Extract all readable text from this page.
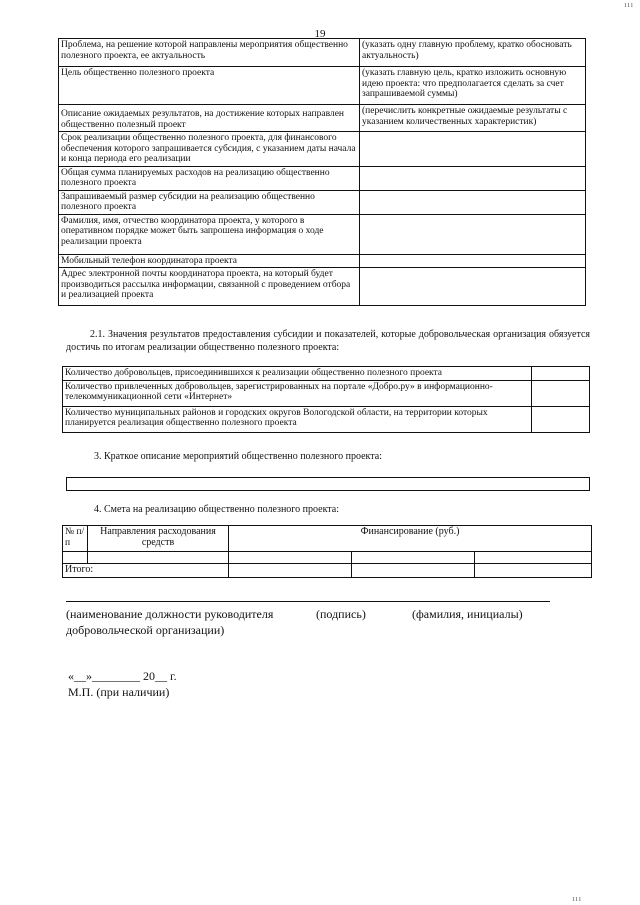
ııı
19
Проблема, на решение которой направлены мероприятия общественно полезного проекта, ее актуальность	(указать одну главную проблему, кратко обосновать актуальность)
Цель общественно полезного проекта	(указать главную цель, кратко изложить основную идею проекта: что предполагается сделать за счет запрашиваемой суммы)
Описание ожидаемых результатов, на достижение которых направлен общественно полезный проект	(перечислить конкретные ожидаемые результаты с указанием количественных характеристик)
Срок реализации общественно полезного проекта, для финансового обеспечения которого запрашивается субсидия, с указанием даты начала и конца периода его реализации	
Общая сумма планируемых расходов на реализацию общественно полезного проекта	
Запрашиваемый размер субсидии на реализацию общественно полезного проекта	
Фамилия, имя, отчество координатора проекта, у которого в оперативном порядке может быть запрошена информация о ходе реализации проекта	
Мобильный телефон координатора проекта	
Адрес электронной почты координатора проекта, на который будет производиться рассылка информации, связанной с проведением отбора и реализацией проекта	
2.1. Значения результатов предоставления субсидии и показателей, которые добровольческая организация обязуется достичь по итогам реализации общественно полезного проекта:
Количество добровольцев, присоединившихся к реализации общественно полезного проекта	
Количество привлеченных добровольцев, зарегистрированных на портале «Добро.ру» в информационно-телекоммуникационной сети «Интернет»	
Количество муниципальных районов и городских округов Вологодской области, на территории которых планируется реализация общественно полезного проекта	
3. Краткое описание мероприятий общественно полезного проекта:
4. Смета на реализацию общественно полезного проекта:
№ п/п	Направления расходования средств	Финансирование (руб.)		

Итого:				
(наименование должности руководителя добровольческой организации)
(подпись)	(фамилия, инициалы)
«__»________ 20__ г.
М.П. (при наличии)
ııı
